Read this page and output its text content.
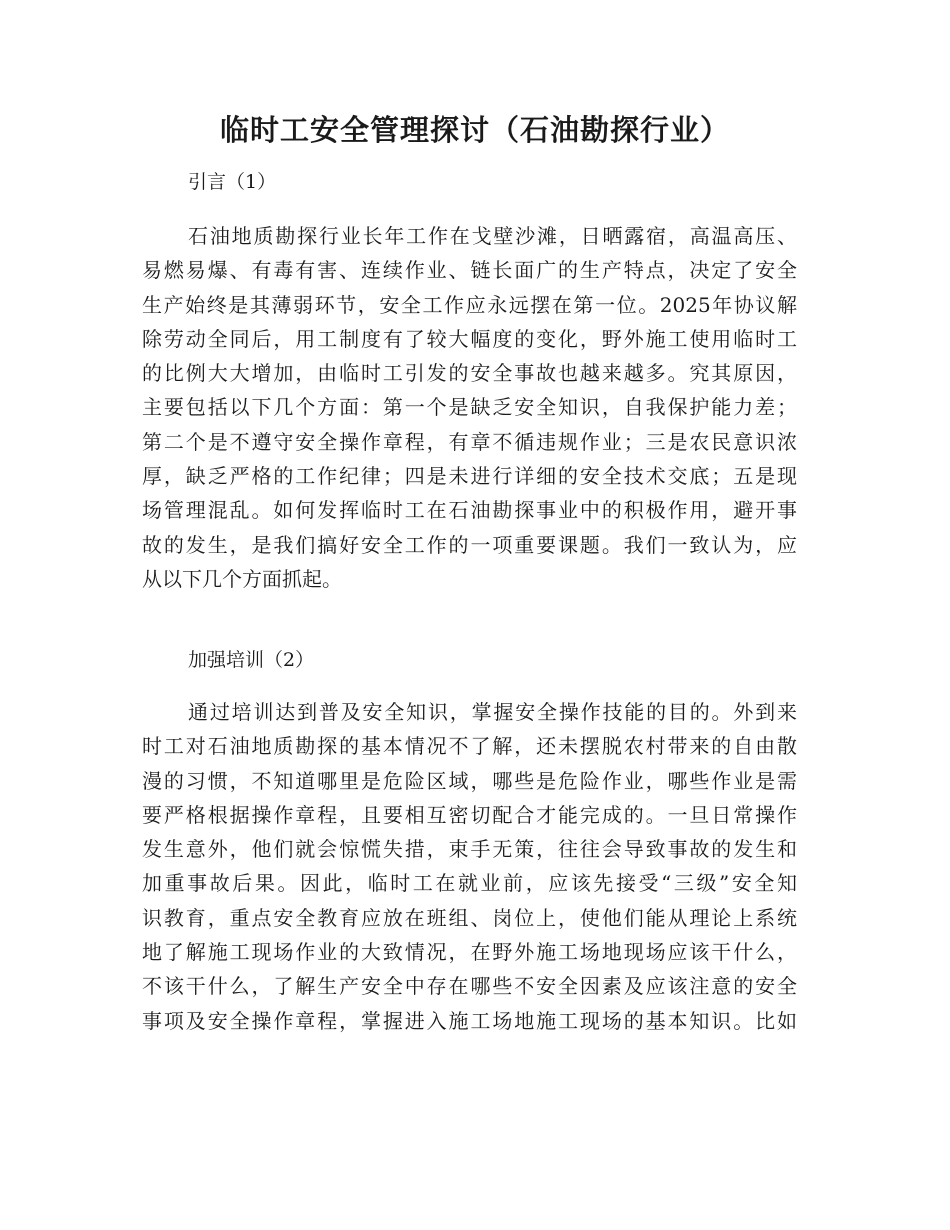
临时工安全管理探讨（石油勘探行业）
引言（1）
石油地质勘探行业长年工作在戈壁沙滩，日晒露宿，高温高压、
易燃易爆、有毒有害、连续作业、链长面广的生产特点，决定了安全
生产始终是其薄弱环节，安全工作应永远摆在第一位。2025年协议解
除劳动全同后，用工制度有了较大幅度的变化，野外施工使用临时工
的比例大大增加，由临时工引发的安全事故也越来越多。究其原因，
主要包括以下几个方面：第一个是缺乏安全知识，自我保护能力差；
第二个是不遵守安全操作章程，有章不循违规作业；三是农民意识浓
厚，缺乏严格的工作纪律；四是未进行详细的安全技术交底；五是现
场管理混乱。如何发挥临时工在石油勘探事业中的积极作用，避开事
故的发生，是我们搞好安全工作的一项重要课题。我们一致认为，应
从以下几个方面抓起。
加强培训（2）
通过培训达到普及安全知识，掌握安全操作技能的目的。外到来
时工对石油地质勘探的基本情况不了解，还未摆脱农村带来的自由散
漫的习惯，不知道哪里是危险区域，哪些是危险作业，哪些作业是需
要严格根据操作章程，且要相互密切配合才能完成的。一旦日常操作
发生意外，他们就会惊慌失措，束手无策，往往会导致事故的发生和
加重事故后果。因此，临时工在就业前，应该先接受“三级”安全知
识教育，重点安全教育应放在班组、岗位上，使他们能从理论上系统
地了解施工现场作业的大致情况，在野外施工场地现场应该干什么，
不该干什么，了解生产安全中存在哪些不安全因素及应该注意的安全
事项及安全操作章程，掌握进入施工场地施工现场的基本知识。比如
